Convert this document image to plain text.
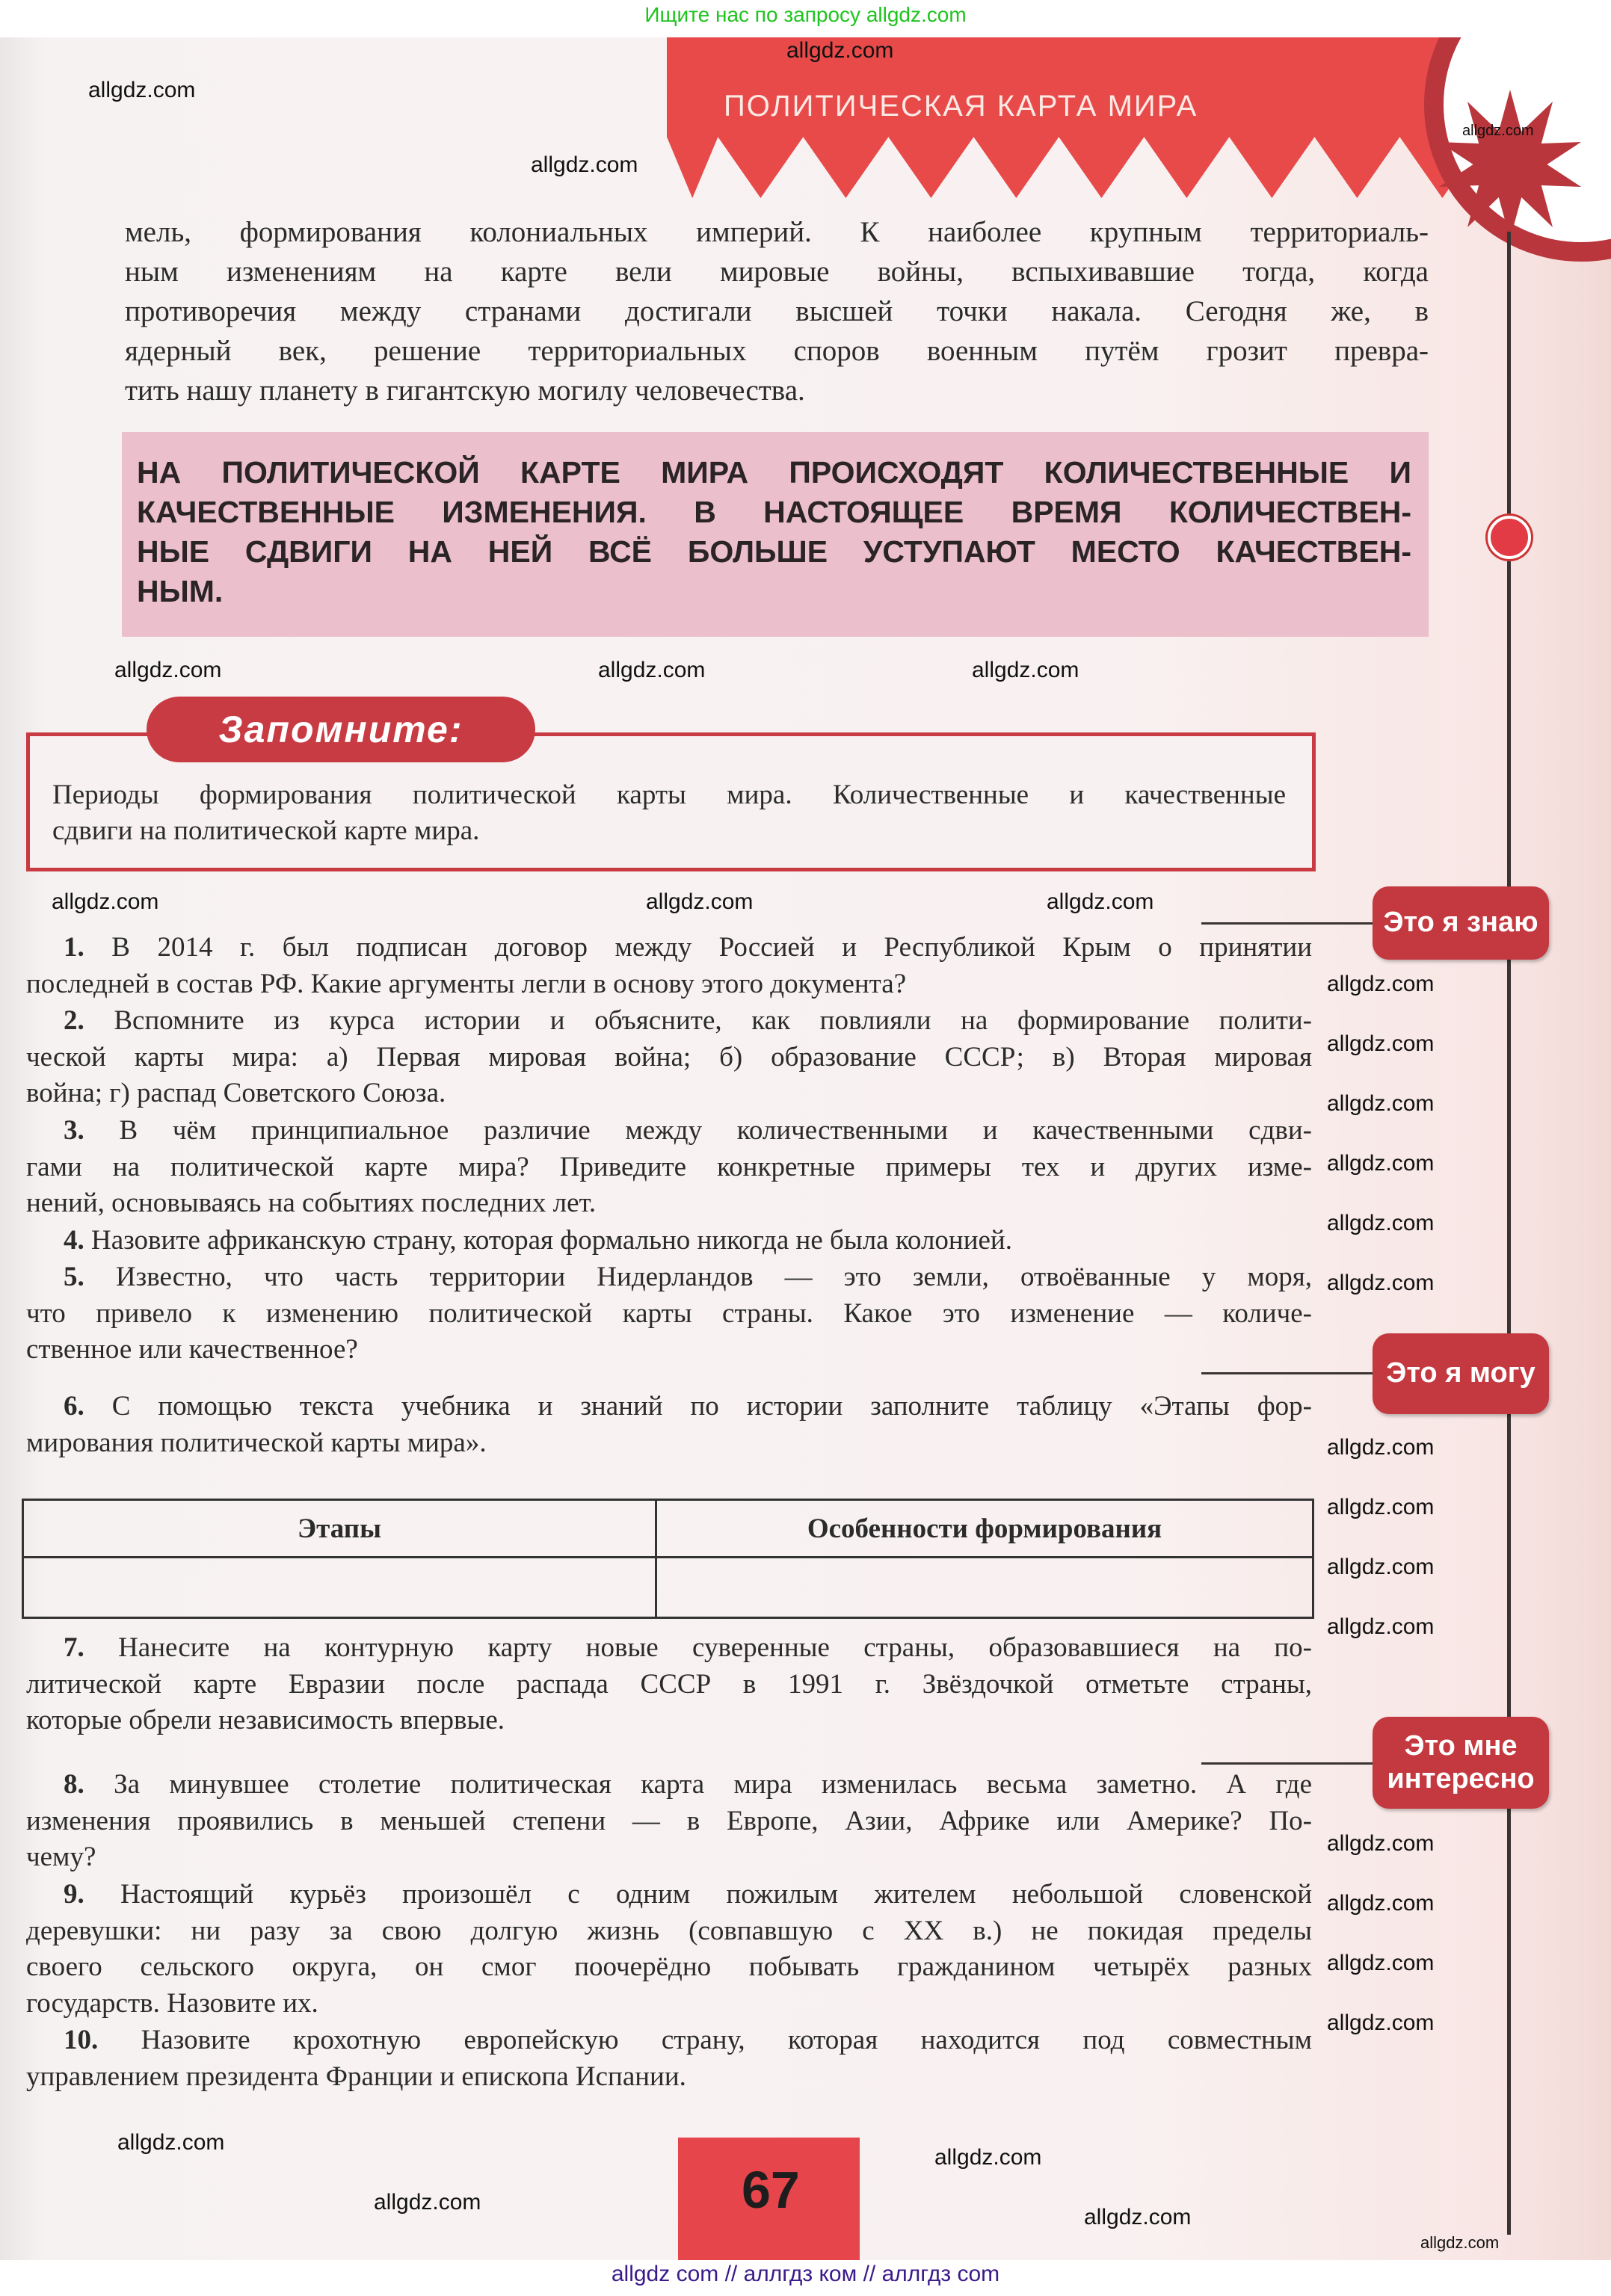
Ищите нас по запросу allgdz.com
ПОЛИТИЧЕСКАЯ КАРТА МИРА
мель, формирования колониальных империй. К наиболее крупным территориаль-
ным изменениям на карте вели мировые войны, вспыхивавшие тогда, когда
противоречия между странами достигали высшей точки накала. Сегодня же, в
ядерный век, решение территориальных споров военным путём грозит превра-
тить нашу планету в гигантскую могилу человечества.
НА ПОЛИТИЧЕСКОЙ КАРТЕ МИРА ПРОИСХОДЯТ КОЛИЧЕСТВЕННЫЕ И
КАЧЕСТВЕННЫЕ ИЗМЕНЕНИЯ. В НАСТОЯЩЕЕ ВРЕМЯ КОЛИЧЕСТВЕН-
НЫЕ СДВИГИ НА НЕЙ ВСЁ БОЛЬШЕ УСТУПАЮТ МЕСТО КАЧЕСТВЕН-
НЫМ.
Запомните:
Периоды формирования политической карты мира. Количественные и качественные
сдвиги на политической карте мира.
Это я знаю
Это я могу
Это мне интересно
1. В 2014 г. был подписан договор между Россией и Республикой Крым о принятии
последней в состав РФ. Какие аргументы легли в основу этого документа?
2. Вспомните из курса истории и объясните, как повлияли на формирование полити-
ческой карты мира: а) Первая мировая война; б) образование СССР; в) Вторая мировая
война; г) распад Советского Союза.
3. В чём принципиальное различие между количественными и качественными сдви-
гами на политической карте мира? Приведите конкретные примеры тех и других изме-
нений, основываясь на событиях последних лет.
4. Назовите африканскую страну, которая формально никогда не была колонией.
5. Известно, что часть территории Нидерландов — это земли, отвоёванные у моря,
что привело к изменению политической карты страны. Какое это изменение — количе-
ственное или качественное?
6. С помощью текста учебника и знаний по истории заполните таблицу «Этапы фор-
мирования политической карты мира».
7. Нанесите на контурную карту новые суверенные страны, образовавшиеся на по-
литической карте Евразии после распада СССР в 1991 г. Звёздочкой отметьте страны,
которые обрели независимость впервые.
8. За минувшее столетие политическая карта мира изменилась весьма заметно. А где
изменения проявились в меньшей степени — в Европе, Азии, Африке или Америке? По-
чему?
9. Настоящий курьёз произошёл с одним пожилым жителем небольшой словенской
деревушки: ни разу за свою долгую жизнь (совпавшую с XX в.) не покидая пределы
своего сельского округа, он смог поочерёдно побывать гражданином четырёх разных
государств. Назовите их.
10. Назовите крохотную европейскую страну, которая находится под совместным
управлением президента Франции и епископа Испании.
Этапы	Особенности формирования

67
allgdz.com
allgdz.com
allgdz.com
allgdz.com
allgdz.com	allgdz.com	allgdz.com
allgdz.com	allgdz.com	allgdz.com
allgdz.com
allgdz.com
allgdz.com
allgdz.com
allgdz.com
allgdz.com
allgdz.com
allgdz.com
allgdz.com
allgdz.com
allgdz.com
allgdz.com
allgdz.com
allgdz.com
allgdz.com
allgdz.com
allgdz.com
allgdz.com
allgdz.com
allgdz com // аллгдз ком // аллгдз com
